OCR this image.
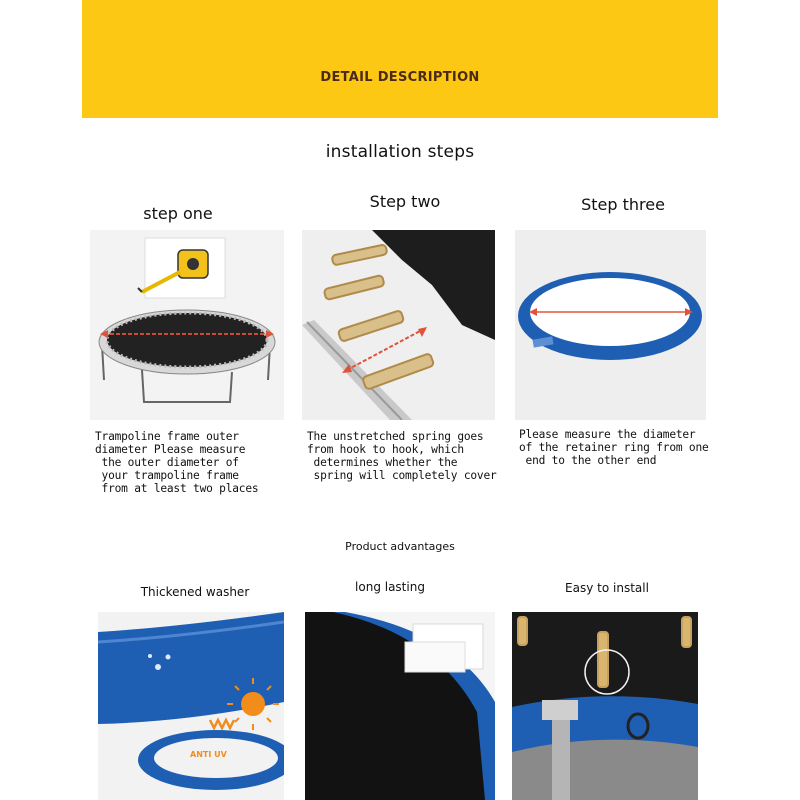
DETAIL DESCRIPTION
installation steps
step one
Step two	Step three
Trampoline frame outer
diameter Please measure
the outer diameter of
your trampoline frame
from at least two places
The unstretched spring goes
from hook to hook, which
determines whether the
spring will completely cover
Please measure the diameter
of the retainer ring from one
end to the other end
Product advantages
Thickened washer	long lasting	Easy to install
ANTI UV
